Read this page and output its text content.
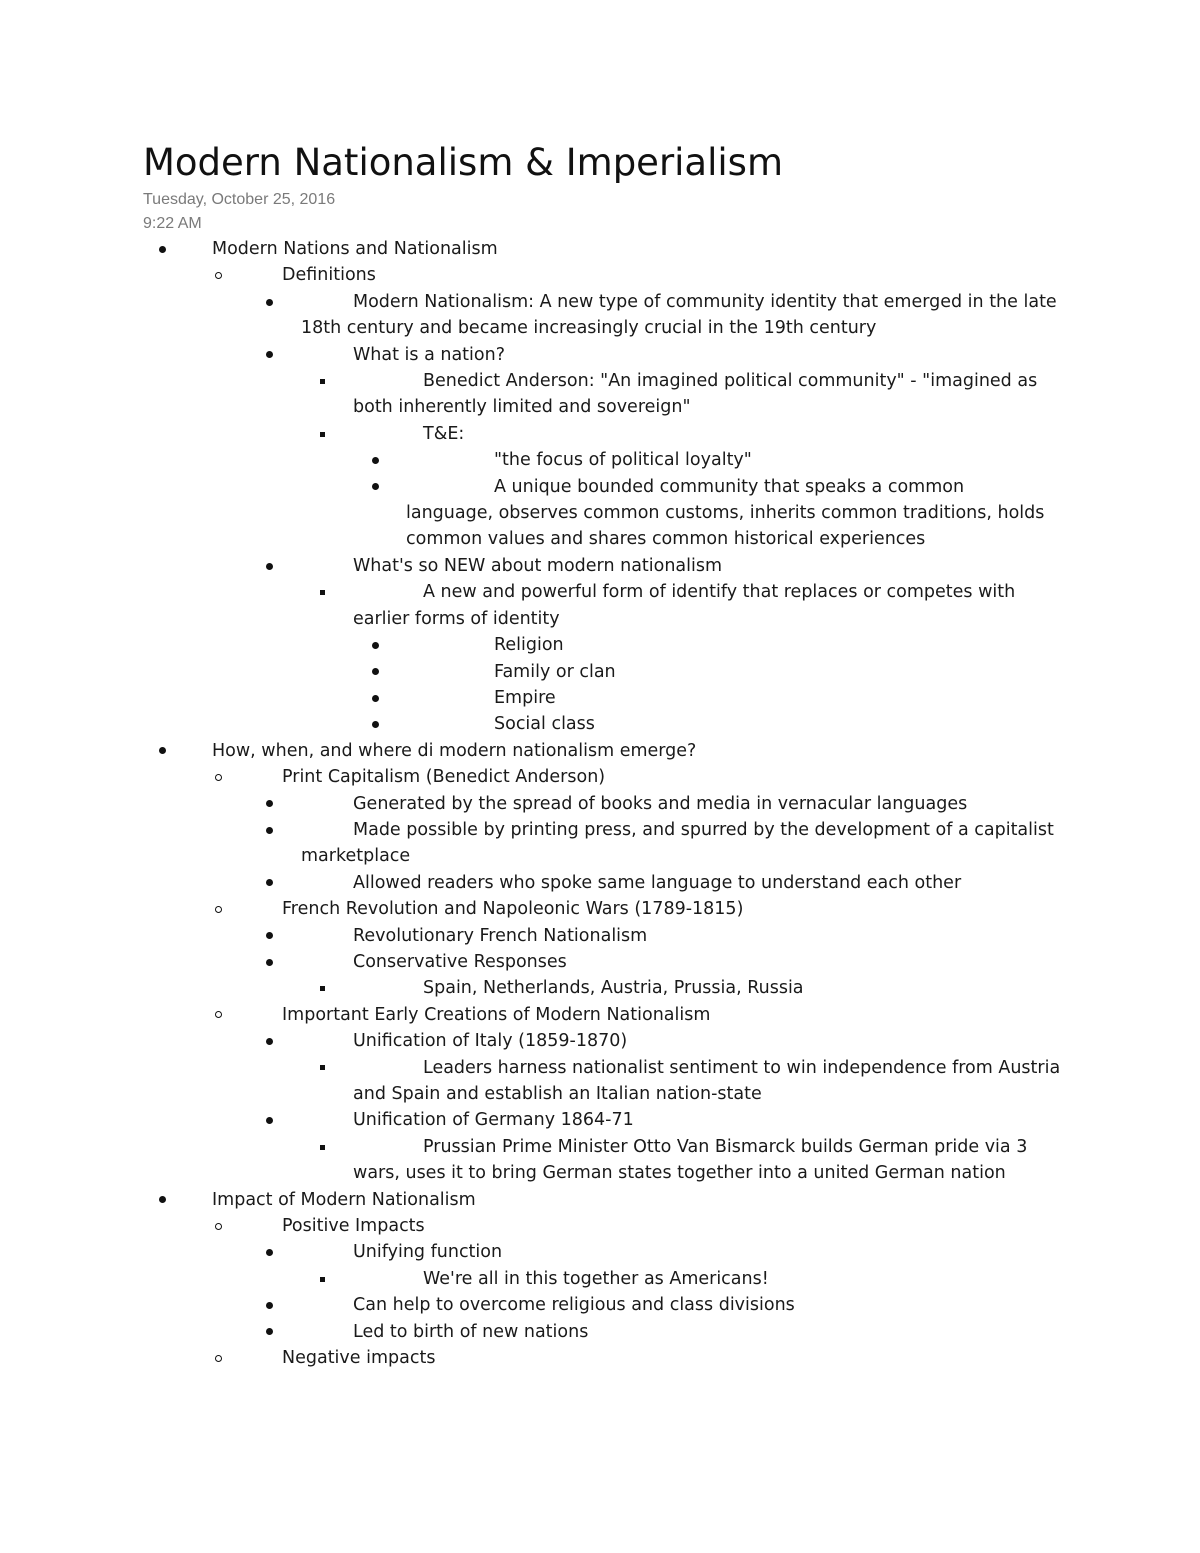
Modern Nationalism & Imperialism
Tuesday, October 25, 2016
9:22 AM
Modern Nations and Nationalism
Definitions
Modern Nationalism: A new type of community identity that emerged in the late 18th century and became increasingly crucial in the 19th century
What is a nation?
Benedict Anderson: "An imagined political community" - "imagined as both inherently limited and sovereign"
T&E:
"the focus of political loyalty"
A unique bounded community that speaks a common language, observes common customs, inherits common traditions, holds common values and shares common historical experiences
What's so NEW about modern nationalism
A new and powerful form of identify that replaces or competes with earlier forms of identity
Religion
Family or clan
Empire
Social class
How, when, and where di modern nationalism emerge?
Print Capitalism (Benedict Anderson)
Generated by the spread of books and media in vernacular languages
Made possible by printing press, and spurred by the development of a capitalist marketplace
Allowed readers who spoke same language to understand each other
French Revolution and Napoleonic Wars (1789-1815)
Revolutionary French Nationalism
Conservative Responses
Spain, Netherlands, Austria, Prussia, Russia
Important Early Creations of Modern Nationalism
Unification of Italy (1859-1870)
Leaders harness nationalist sentiment to win independence from Austria and Spain and establish an Italian nation-state
Unification of Germany 1864-71
Prussian Prime Minister Otto Van Bismarck builds German pride via 3 wars, uses it to bring German states together into a united German nation
Impact of Modern Nationalism
Positive Impacts
Unifying function
We're all in this together as Americans!
Can help to overcome religious and class divisions
Led to birth of new nations
Negative impacts
